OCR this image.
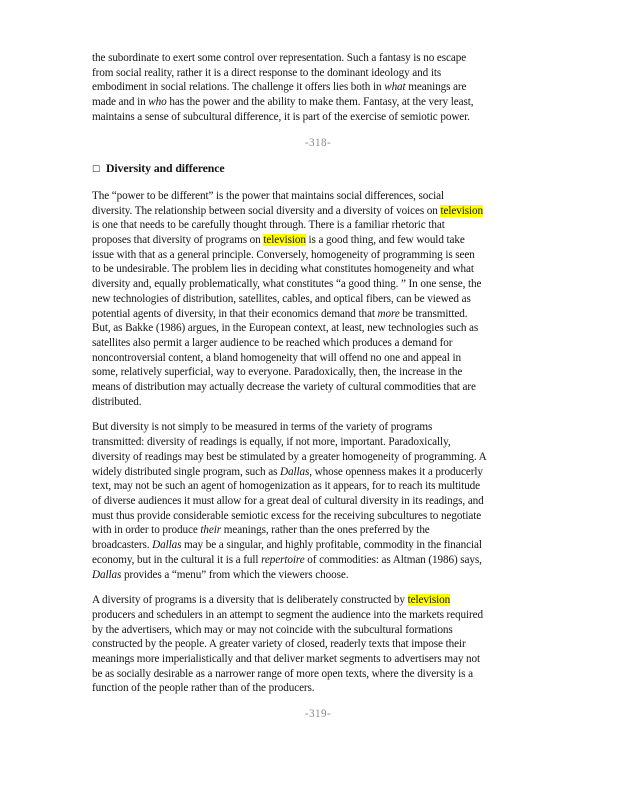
the subordinate to exert some control over representation. Such a fantasy is no escape
from social reality, rather it is a direct response to the dominant ideology and its
embodiment in social relations. The challenge it offers lies both in what meanings are
made and in who has the power and the ability to make them. Fantasy, at the very least,
maintains a sense of subcultural difference, it is part of the exercise of semiotic power.

-318-
□ Diversity and difference

The “power to be different” is the power that maintains social differences, social
diversity. The relationship between social diversity and a diversity of voices on television
is one that needs to be carefully thought through. There is a familiar rhetoric that
proposes that diversity of programs on television is a good thing, and few would take
issue with that as a general principle. Conversely, homogeneity of programming is seen
to be undesirable. The problem lies in deciding what constitutes homogeneity and what
diversity and, equally problematically, what constitutes “a good thing. ” In one sense, the
new technologies of distribution, satellites, cables, and optical fibers, can be viewed as
potential agents of diversity, in that their economics demand that more be transmitted.
But, as Bakke (1986) argues, in the European context, at least, new technologies such as
satellites also permit a larger audience to be reached which produces a demand for
noncontroversial content, a bland homogeneity that will offend no one and appeal in
some, relatively superficial, way to everyone. Paradoxically, then, the increase in the
means of distribution may actually decrease the variety of cultural commodities that are
distributed.

But diversity is not simply to be measured in terms of the variety of programs
transmitted: diversity of readings is equally, if not more, important. Paradoxically,
diversity of readings may best be stimulated by a greater homogeneity of programming. A
widely distributed single program, such as Dallas, whose openness makes it a producerly
text, may not be such an agent of homogenization as it appears, for to reach its multitude
of diverse audiences it must allow for a great deal of cultural diversity in its readings, and
must thus provide considerable semiotic excess for the receiving subcultures to negotiate
with in order to produce their meanings, rather than the ones preferred by the
broadcasters. Dallas may be a singular, and highly profitable, commodity in the financial
economy, but in the cultural it is a full repertoire of commodities: as Altman (1986) says,
Dallas provides a “menu” from which the viewers choose.

A diversity of programs is a diversity that is deliberately constructed by television
producers and schedulers in an attempt to segment the audience into the markets required
by the advertisers, which may or may not coincide with the subcultural formations
constructed by the people. A greater variety of closed, readerly texts that impose their
meanings more imperialistically and that deliver market segments to advertisers may not
be as socially desirable as a narrower range of more open texts, where the diversity is a
function of the people rather than of the producers.

-319-
